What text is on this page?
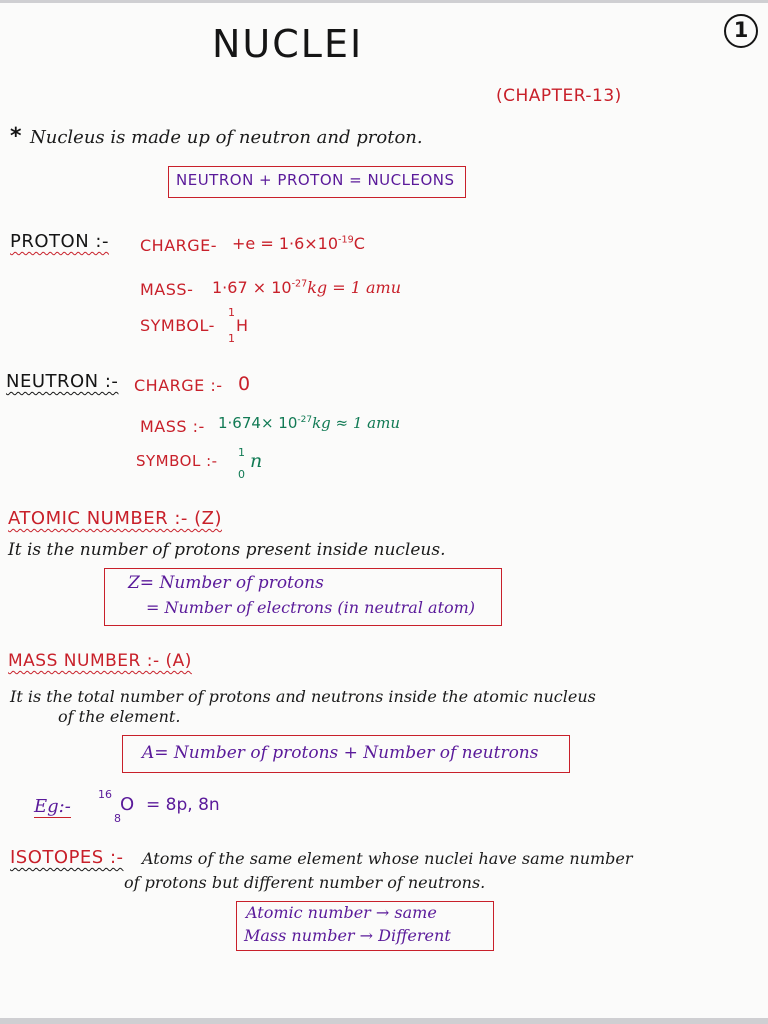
NUCLEI	1
(CHAPTER-13)
* Nucleus is made up of neutron and proton.
NEUTRON + PROTON = NUCLEONS
PROTON :- CHARGE- $+e = 1\cdot 6\times 10^{-19}C$
MASS- $1\cdot 67 \times 10^{-27}kg = 1$ amu
SYMBOL-
1
H
1
NEUTRON :- CHARGE :- 0
MASS :- $1\cdot 674\times 10^{-27}kg \approx 1$ amu
SYMBOL :- 1 n
0
ATOMIC NUMBER :- (Z)
It is the number of protons present inside nucleus.
Z= Number of protons
= Number of electrons (in neutral atom)
MASS NUMBER :- (A)
It is the total number of protons and neutrons inside the atomic nucleus
of the element.
A= Number of protons + Number of neutrons
Eg:-
16 O
8
= 8p, 8n
ISOTOPES :- Atoms of the same element whose nuclei have same number
of protons but different number of neutrons.
Atomic number → same
Mass number → Different
